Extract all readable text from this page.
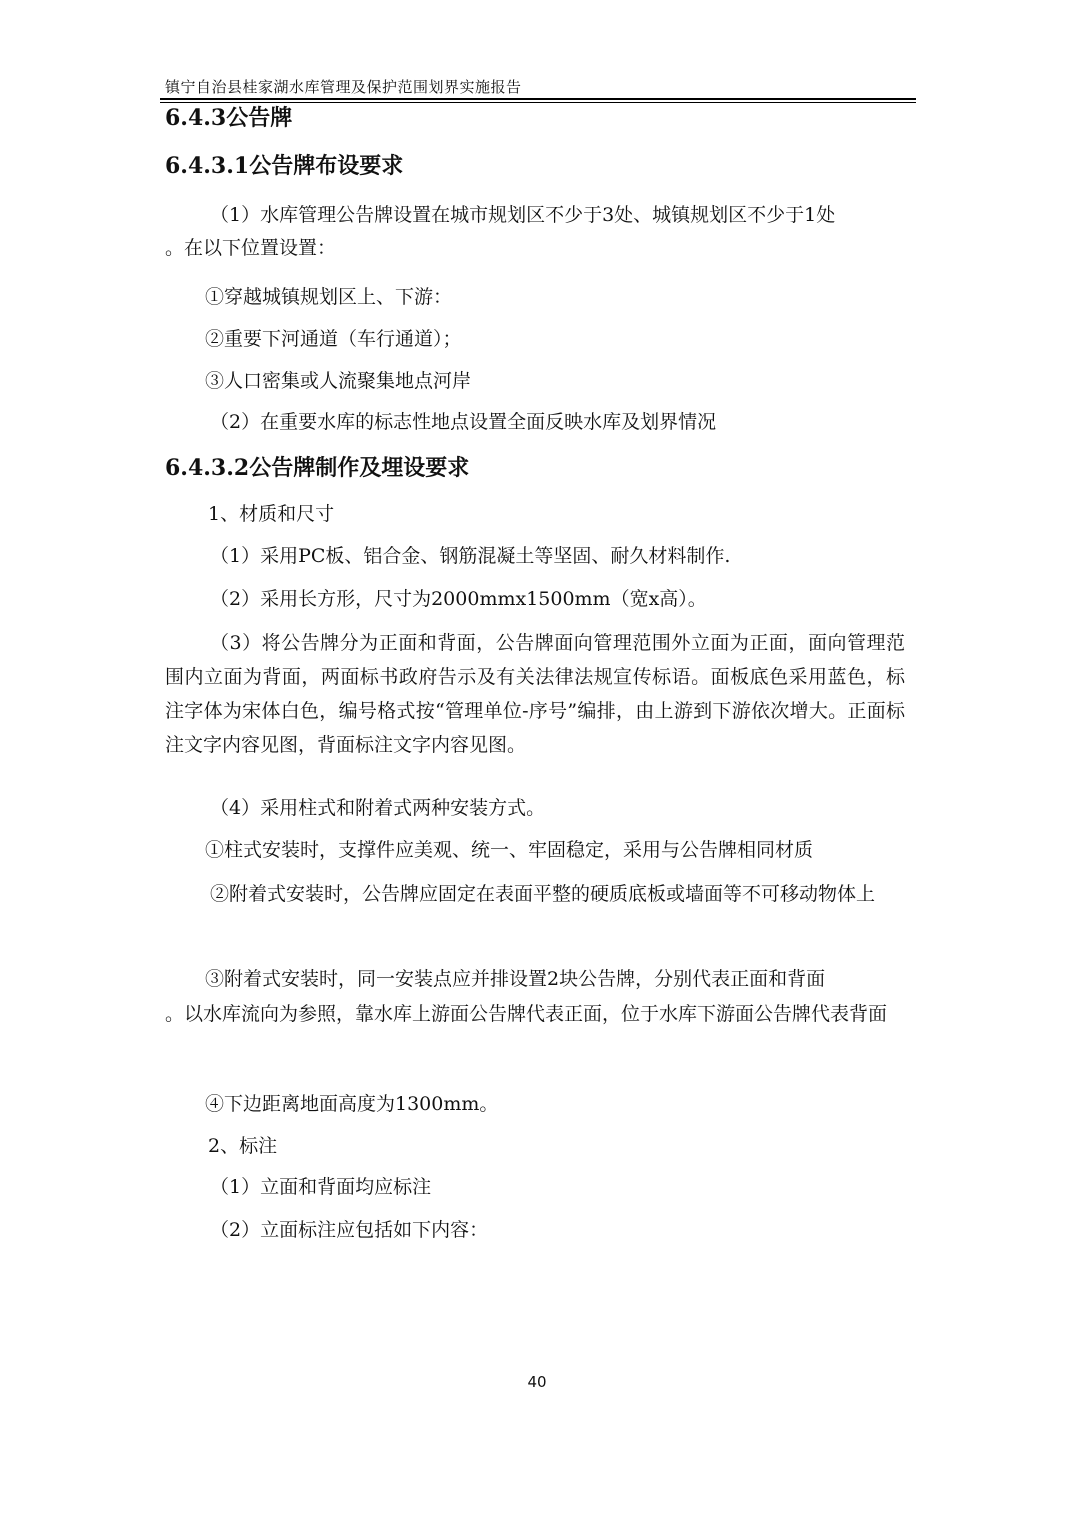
镇宁自治县桂家湖水库管理及保护范围划界实施报告
6.4.3公告牌
6.4.3.1公告牌布设要求
（1）水库管理公告牌设置在城市规划区不少于3处、城镇规划区不少于1处
。在以下位置设置：
①穿越城镇规划区上、下游：
②重要下河通道（车行通道）；
③人口密集或人流聚集地点河岸
（2）在重要水库的标志性地点设置全面反映水库及划界情况
6.4.3.2公告牌制作及埋设要求
1、材质和尺寸
（1）采用PC板、铝合金、钢筋混凝土等坚固、耐久材料制作.
（2）采用长方形，尺寸为2000mmx1500mm（宽x高）。
（3）将公告牌分为正面和背面，公告牌面向管理范围外立面为正面，面向管理范围内立面为背面，两面标书政府告示及有关法律法规宣传标语。面板底色采用蓝色，标注字体为宋体白色，编号格式按“管理单位-序号”编排，由上游到下游依次增大。正面标注文字内容见图，背面标注文字内容见图。
（4）采用柱式和附着式两种安装方式。
①柱式安装时，支撑件应美观、统一、牢固稳定，采用与公告牌相同材质
②附着式安装时，公告牌应固定在表面平整的硬质底板或墙面等不可移动物体上
③附着式安装时，同一安装点应并排设置2块公告牌，分别代表正面和背面
。以水库流向为参照，靠水库上游面公告牌代表正面，位于水库下游面公告牌代表背面
④下边距离地面高度为1300mm。
2、标注
（1）立面和背面均应标注
（2）立面标注应包括如下内容：
40
